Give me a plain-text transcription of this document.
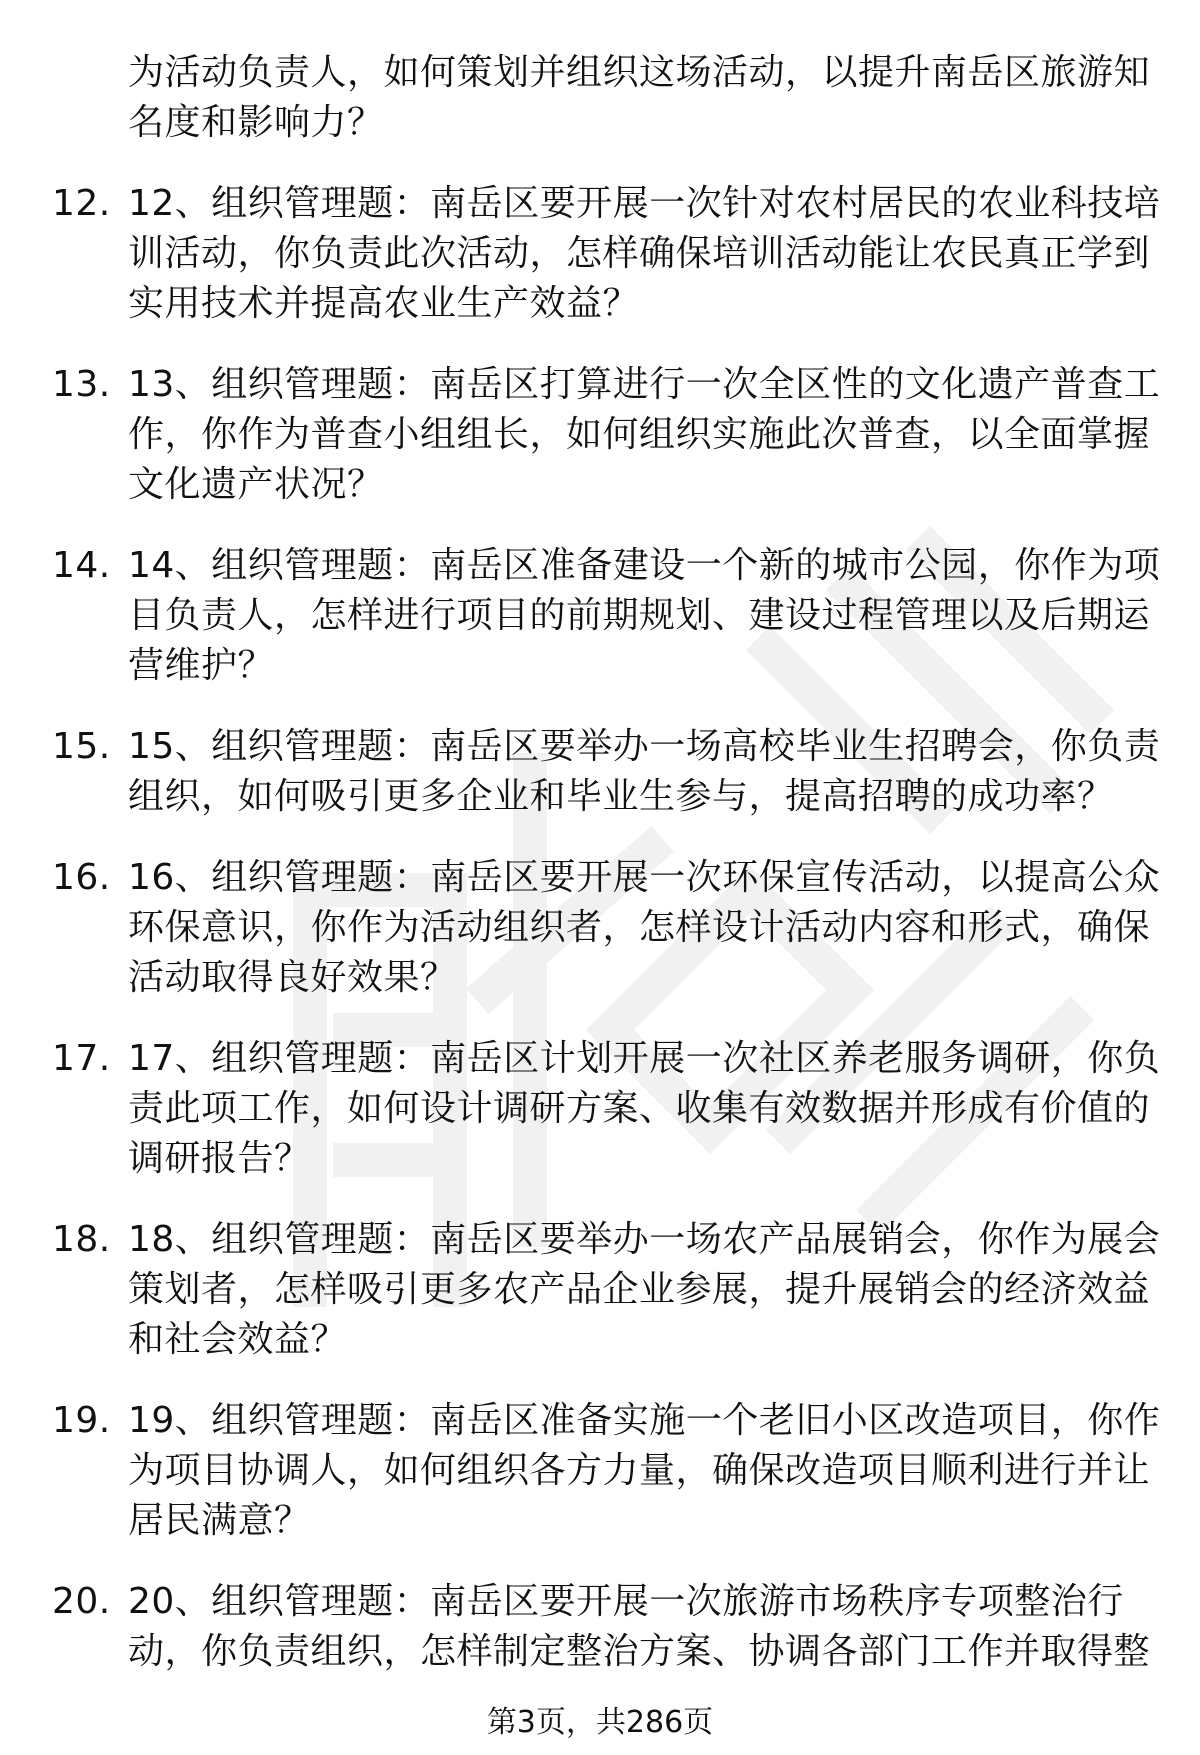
为活动负责人，如何策划并组织这场活动，以提升南岳区旅游知名度和影响力？
12. 12、组织管理题：南岳区要开展一次针对农村居民的农业科技培训活动，你负责此次活动，怎样确保培训活动能让农民真正学到实用技术并提高农业生产效益？
13. 13、组织管理题：南岳区打算进行一次全区性的文化遗产普查工作，你作为普查小组组长，如何组织实施此次普查，以全面掌握文化遗产状况？
14. 14、组织管理题：南岳区准备建设一个新的城市公园，你作为项目负责人，怎样进行项目的前期规划、建设过程管理以及后期运营维护？
15. 15、组织管理题：南岳区要举办一场高校毕业生招聘会，你负责组织，如何吸引更多企业和毕业生参与，提高招聘的成功率？
16. 16、组织管理题：南岳区要开展一次环保宣传活动，以提高公众环保意识，你作为活动组织者，怎样设计活动内容和形式，确保活动取得良好效果？
17. 17、组织管理题：南岳区计划开展一次社区养老服务调研，你负责此项工作，如何设计调研方案、收集有效数据并形成有价值的调研报告？
18. 18、组织管理题：南岳区要举办一场农产品展销会，你作为展会策划者，怎样吸引更多农产品企业参展，提升展销会的经济效益和社会效益？
19. 19、组织管理题：南岳区准备实施一个老旧小区改造项目，你作为项目协调人，如何组织各方力量，确保改造项目顺利进行并让居民满意？
20. 20、组织管理题：南岳区要开展一次旅游市场秩序专项整治行动，你负责组织，怎样制定整治方案、协调各部门工作并取得整
第3页，共286页
